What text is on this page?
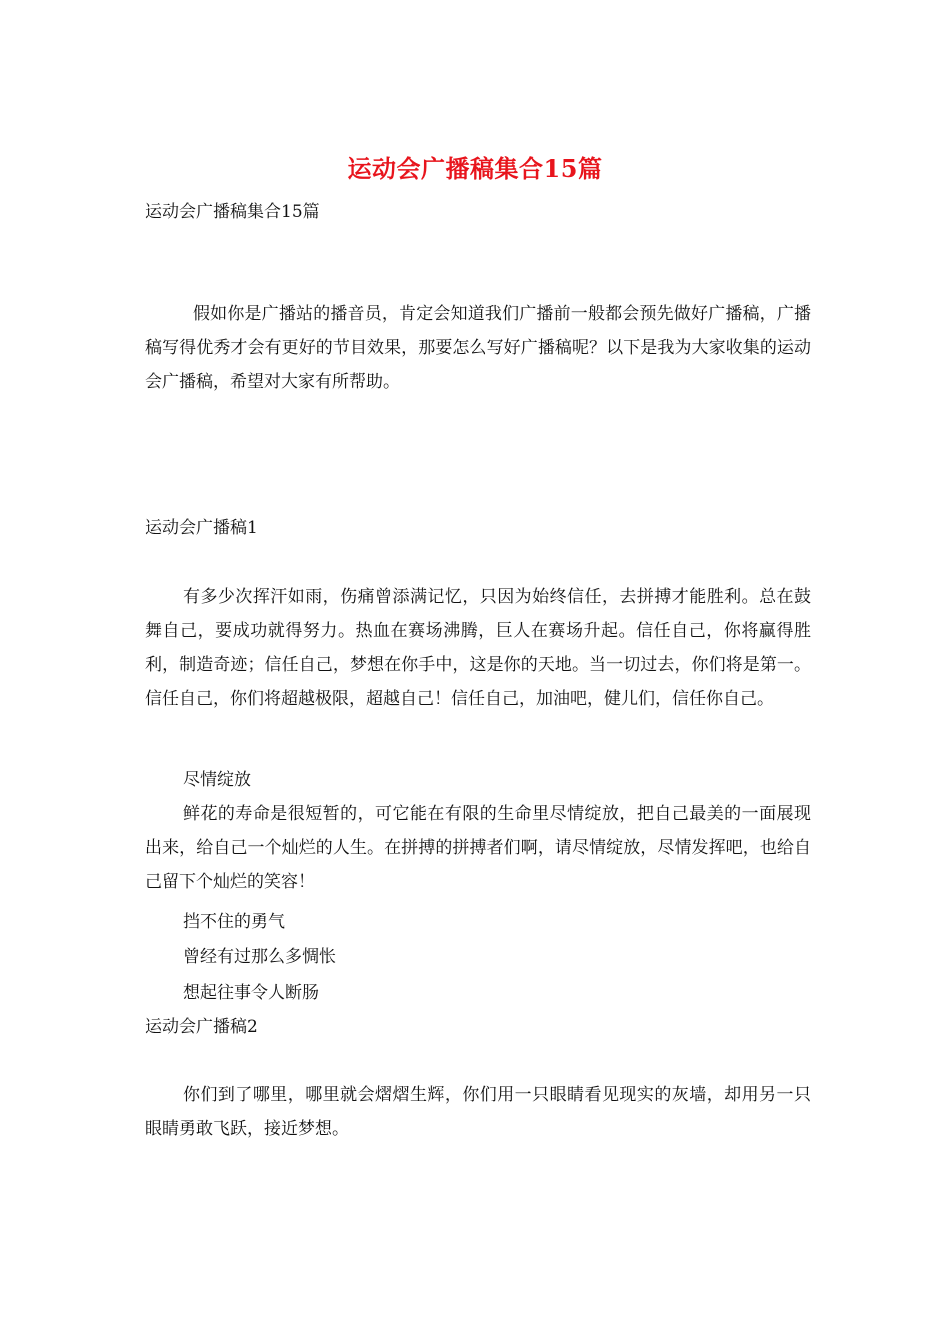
运动会广播稿集合15篇
运动会广播稿集合15篇

假如你是广播站的播音员，肯定会知道我们广播前一般都会预先做好广播稿，广播稿写得优秀才会有更好的节目效果，那要怎么写好广播稿呢？以下是我为大家收集的运动会广播稿，希望对大家有所帮助。

运动会广播稿1

有多少次挥汗如雨，伤痛曾添满记忆，只因为始终信任，去拼搏才能胜利。总在鼓舞自己，要成功就得努力。热血在赛场沸腾，巨人在赛场升起。信任自己，你将赢得胜利，制造奇迹；信任自己，梦想在你手中，这是你的天地。当一切过去，你们将是第一。信任自己，你们将超越极限，超越自己！信任自己，加油吧，健儿们，信任你自己。

尽情绽放

鲜花的寿命是很短暂的，可它能在有限的生命里尽情绽放，把自己最美的一面展现出来，给自己一个灿烂的人生。在拼搏的拼搏者们啊，请尽情绽放，尽情发挥吧，也给自己留下个灿烂的笑容！

挡不住的勇气
曾经有过那么多惆怅
想起往事令人断肠
运动会广播稿2

你们到了哪里，哪里就会熠熠生辉，你们用一只眼睛看见现实的灰墙，却用另一只眼睛勇敢飞跃，接近梦想。
